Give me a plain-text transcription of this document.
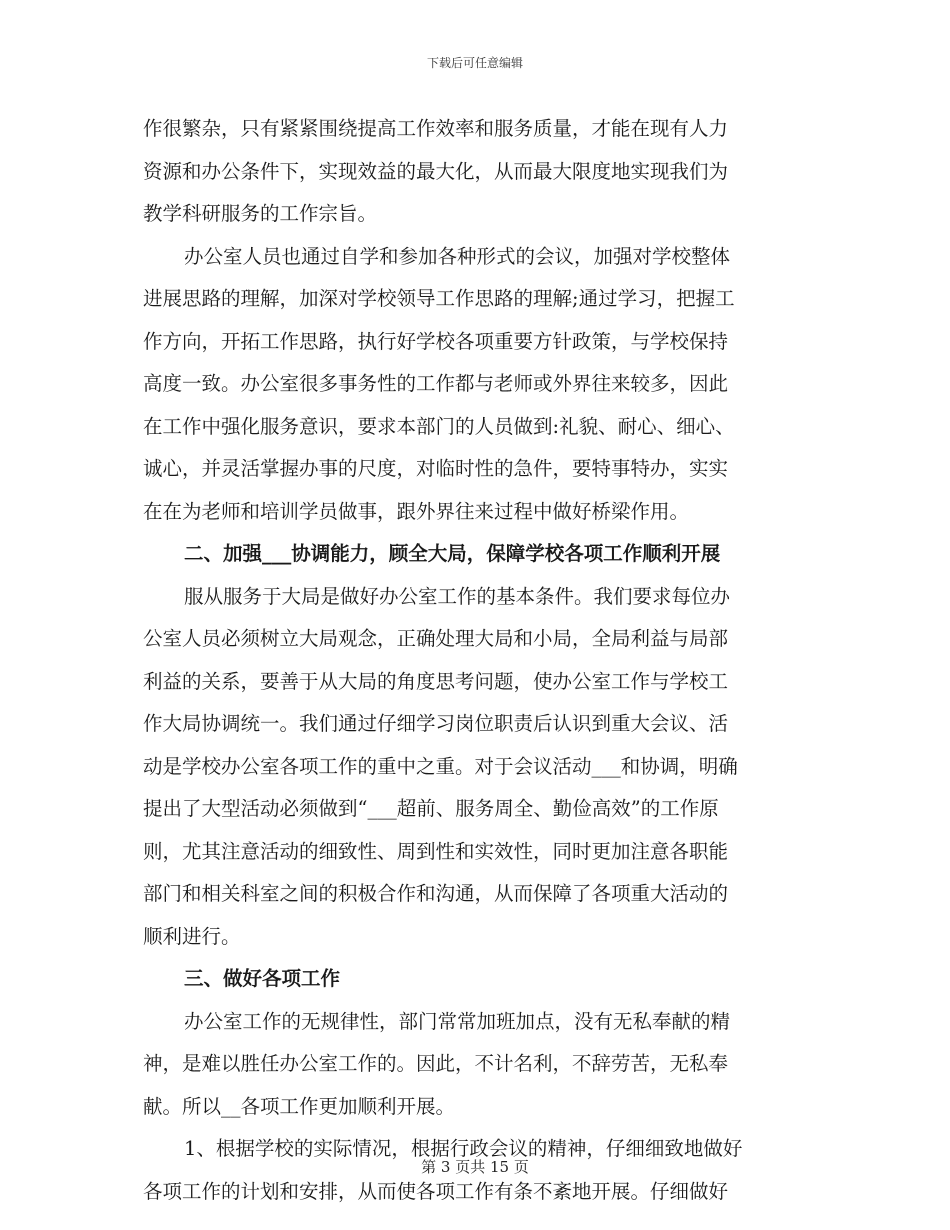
下载后可任意编辑
作很繁杂，只有紧紧围绕提高工作效率和服务质量，才能在现有人力
资源和办公条件下，实现效益的最大化，从而最大限度地实现我们为
教学科研服务的工作宗旨。
办公室人员也通过自学和参加各种形式的会议，加强对学校整体
进展思路的理解，加深对学校领导工作思路的理解;通过学习，把握工
作方向，开拓工作思路，执行好学校各项重要方针政策，与学校保持
高度一致。办公室很多事务性的工作都与老师或外界往来较多，因此
在工作中强化服务意识，要求本部门的人员做到:礼貌、耐心、细心、
诚心，并灵活掌握办事的尺度，对临时性的急件，要特事特办，实实
在在为老师和培训学员做事，跟外界往来过程中做好桥梁作用。
二、加强___协调能力，顾全大局，保障学校各项工作顺利开展
服从服务于大局是做好办公室工作的基本条件。我们要求每位办
公室人员必须树立大局观念，正确处理大局和小局，全局利益与局部
利益的关系，要善于从大局的角度思考问题，使办公室工作与学校工
作大局协调统一。我们通过仔细学习岗位职责后认识到重大会议、活
动是学校办公室各项工作的重中之重。对于会议活动___和协调，明确
提出了大型活动必须做到“___超前、服务周全、勤俭高效”的工作原
则，尤其注意活动的细致性、周到性和实效性，同时更加注意各职能
部门和相关科室之间的积极合作和沟通，从而保障了各项重大活动的
顺利进行。
三、做好各项工作
办公室工作的无规律性，部门常常加班加点，没有无私奉献的精
神，是难以胜任办公室工作的。因此，不计名利，不辞劳苦，无私奉
献。所以__各项工作更加顺利开展。
1、根据学校的实际情况，根据行政会议的精神，仔细细致地做好
各项工作的计划和安排，从而使各项工作有条不紊地开展。仔细做好
第 3 页共 15 页
